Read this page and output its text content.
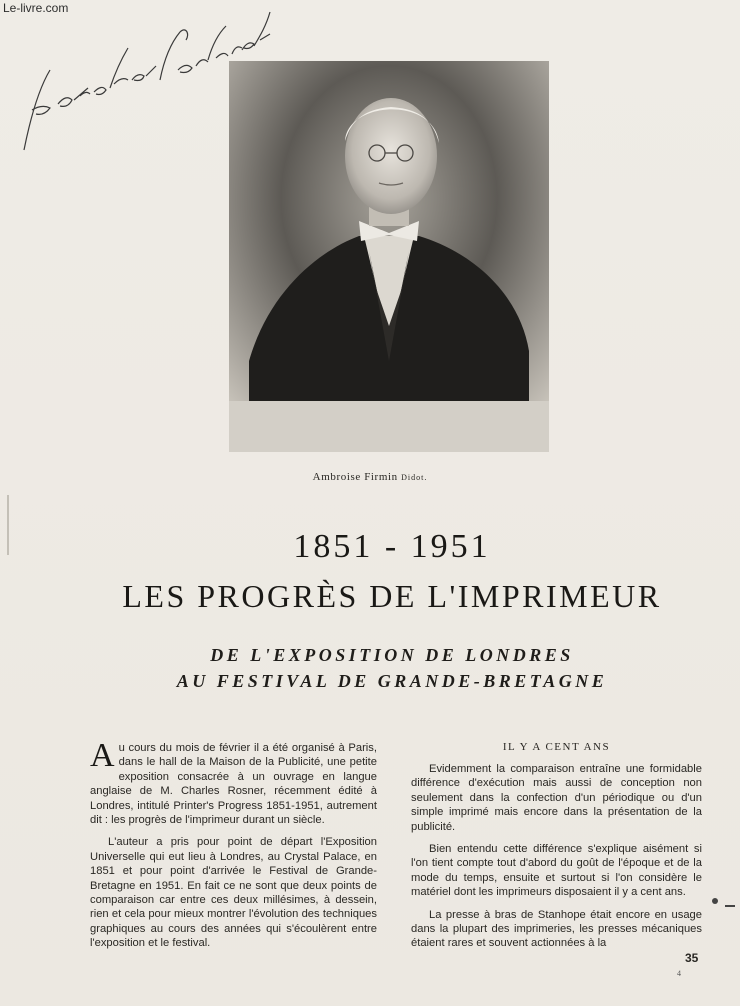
Le-livre.com
Ambroise Firmin Didot.
1851 - 1951
LES PROGRÈS DE L'IMPRIMEUR
DE L'EXPOSITION DE LONDRES
AU FESTIVAL DE GRANDE-BRETAGNE

Au cours du mois de février il a été organisé à Paris, dans le hall de la Maison de la Publicité, une petite exposition consacrée à un ouvrage en langue anglaise de M. Charles Rosner, récemment édité à Londres, intitulé Printer's Progress 1851-1951, autrement dit : les progrès de l'imprimeur durant un siècle.

L'auteur a pris pour point de départ l'Exposition Universelle qui eut lieu à Londres, au Crystal Palace, en 1851 et pour point d'arrivée le Festival de Grande-Bretagne en 1951. En fait ce ne sont que deux points de comparaison car entre ces deux millésimes, à dessein, rien et cela pour mieux montrer l'évolution des techniques graphiques au cours des années qui s'écoulèrent entre l'exposition et le festival.

IL Y A CENT ANS

Evidemment la comparaison entraîne une formidable différence d'exécution mais aussi de conception non seulement dans la confection d'un périodique ou d'un simple imprimé mais encore dans la présentation de la publicité.

Bien entendu cette différence s'explique aisément si l'on tient compte tout d'abord du goût de l'époque et de la mode du temps, ensuite et surtout si l'on considère le matériel dont les imprimeurs disposaient il y a cent ans.

La presse à bras de Stanhope était encore en usage dans la plupart des imprimeries, les presses mécaniques étaient rares et souvent actionnées à la

35
4
